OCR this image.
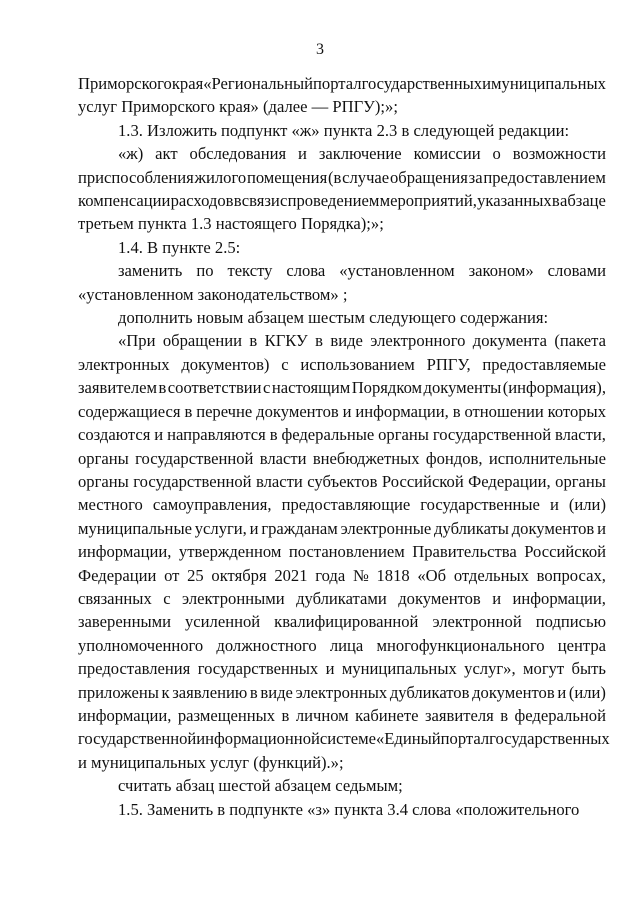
3

Приморского края «Региональный портал государственных и муниципальных
услуг Приморского края» (далее — РПГУ);»;

1.3. Изложить подпункт «ж» пункта 2.3 в следующей редакции:

«ж) акт обследования и заключение комиссии о возможности
приспособления жилого помещения (в случае обращения за предоставлением
компенсации расходов в связи с проведением мероприятий, указанных в абзаце
третьем пункта 1.3 настоящего Порядка);»;

1.4. В пункте 2.5:

заменить по тексту слова «установленном законом» словами
«установленном законодательством» ;

дополнить новым абзацем шестым следующего содержания:

«При обращении в КГКУ в виде электронного документа (пакета
электронных документов) с использованием РПГУ, предоставляемые
заявителем в соответствии с настоящим Порядком документы (информация),
содержащиеся в перечне документов и информации, в отношении которых
создаются и направляются в федеральные органы государственной власти,
органы государственной власти внебюджетных фондов, исполнительные
органы государственной власти субъектов Российской Федерации, органы
местного самоуправления, предоставляющие государственные и (или)
муниципальные услуги, и гражданам электронные дубликаты документов и
информации, утвержденном постановлением Правительства Российской
Федерации от 25 октября 2021 года № 1818 «Об отдельных вопросах,
связанных с электронными дубликатами документов и информации,
заверенными усиленной квалифицированной электронной подписью
уполномоченного должностного лица многофункционального центра
предоставления государственных и муниципальных услуг», могут быть
приложены к заявлению в виде электронных дубликатов документов и (или)
информации, размещенных в личном кабинете заявителя в федеральной
государственной информационной системе «Единый портал государственных
и муниципальных услуг (функций).»;

считать абзац шестой абзацем седьмым;

1.5. Заменить в подпункте «з» пункта 3.4 слова «положительного
